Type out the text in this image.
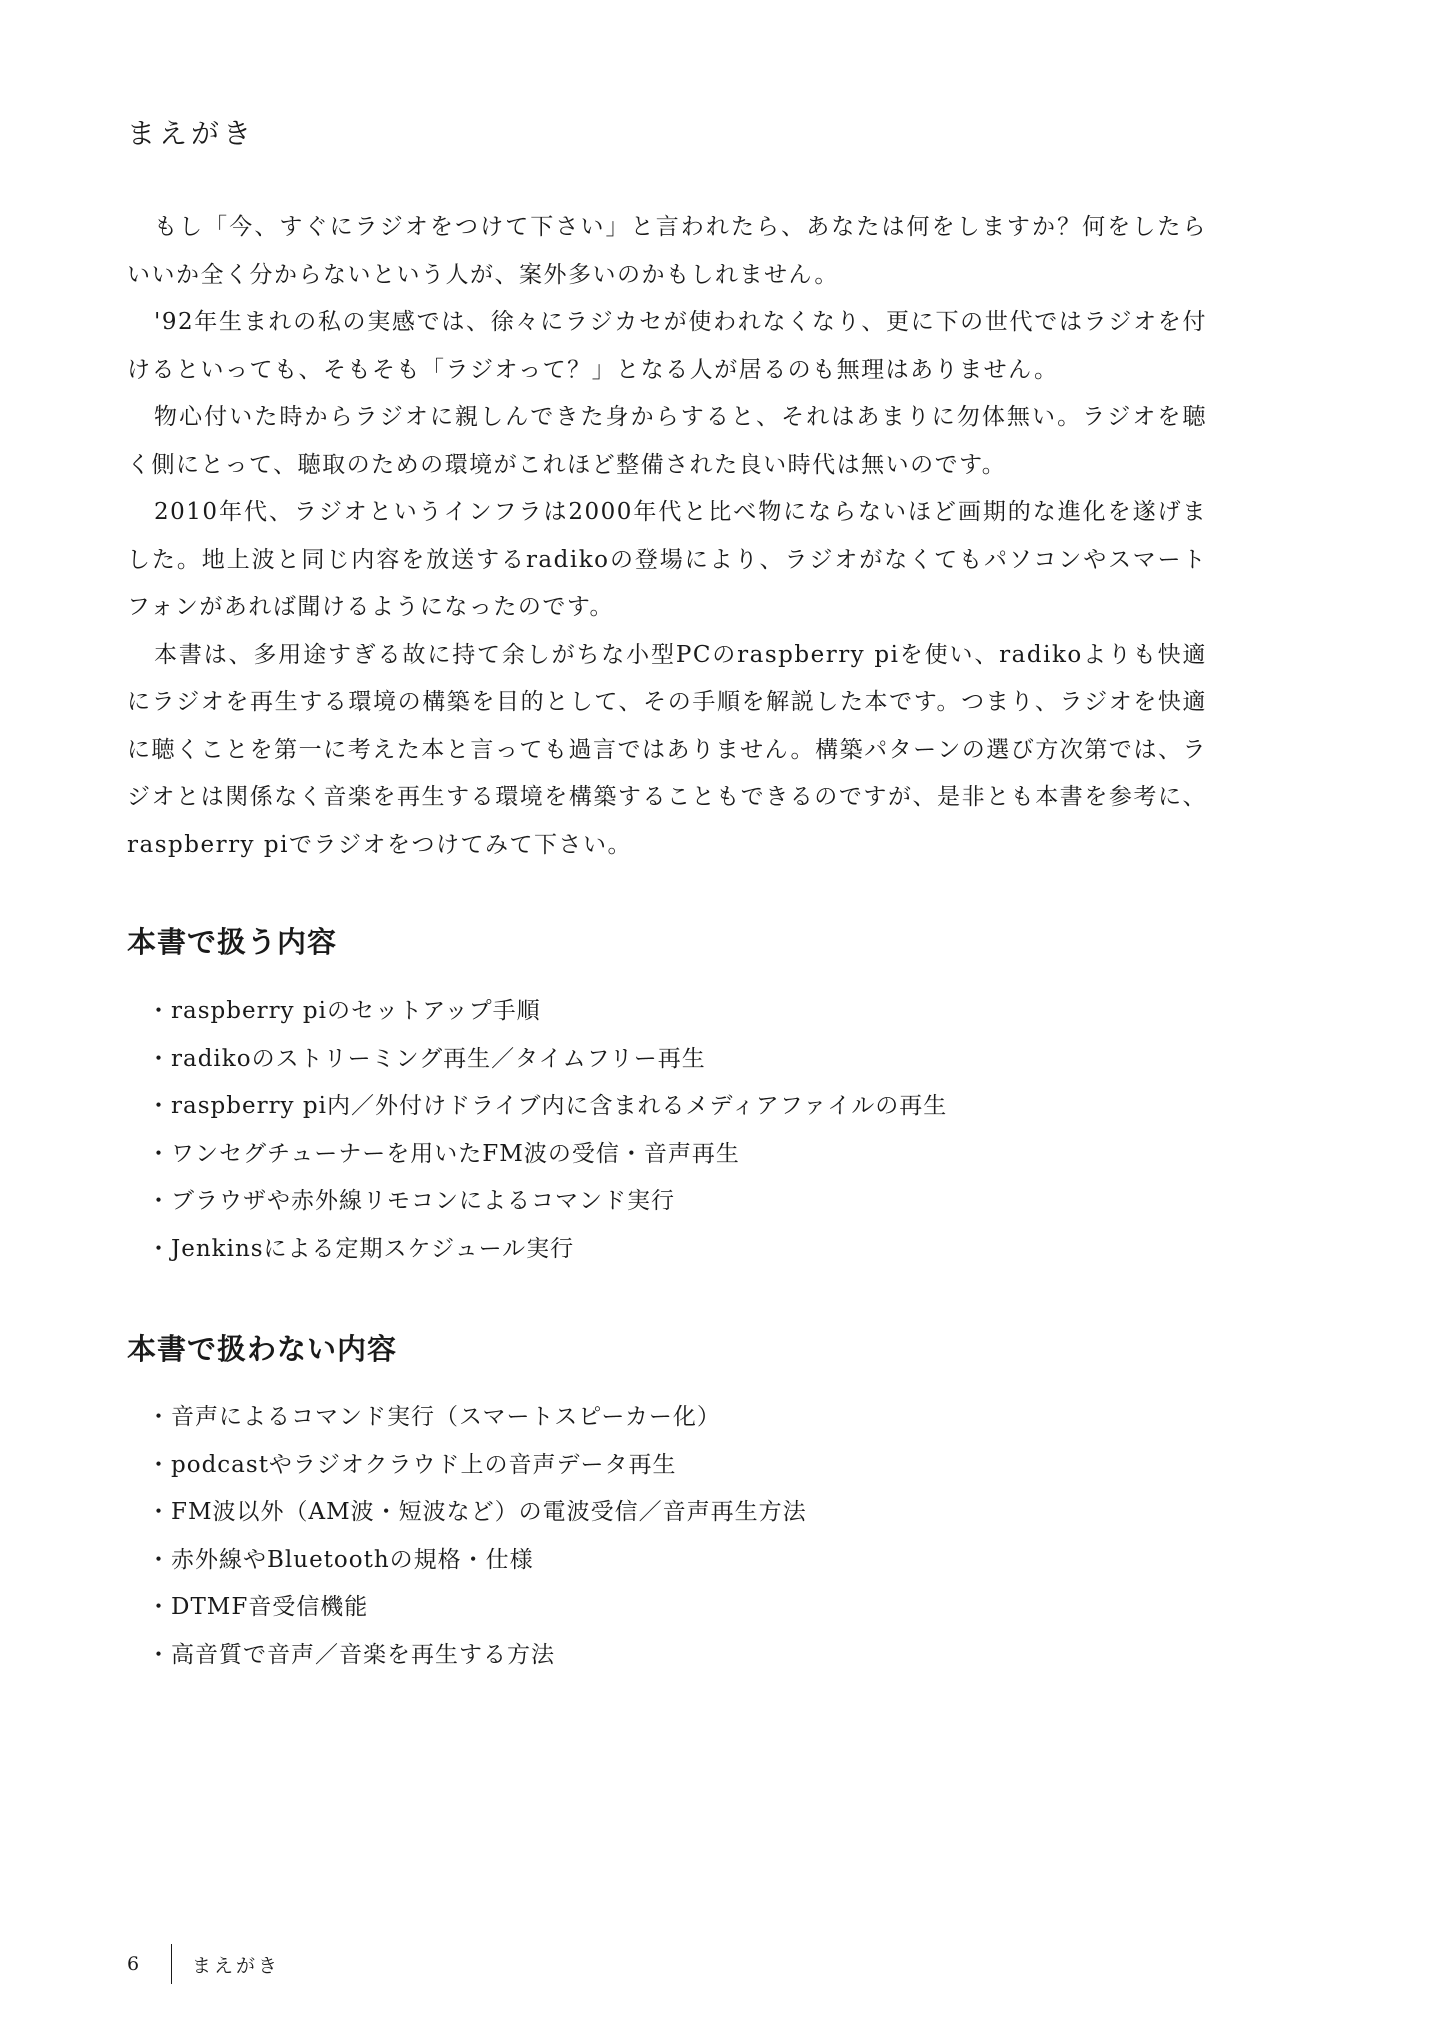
まえがき

もし「今、すぐにラジオをつけて下さい」と言われたら、あなたは何をしますか？何をしたらいいか全く分からないという人が、案外多いのかもしれません。

'92年生まれの私の実感では、徐々にラジカセが使われなくなり、更に下の世代ではラジオを付けるといっても、そもそも「ラジオって？」となる人が居るのも無理はありません。

物心付いた時からラジオに親しんできた身からすると、それはあまりに勿体無い。ラジオを聴く側にとって、聴取のための環境がこれほど整備された良い時代は無いのです。

2010年代、ラジオというインフラは2000年代と比べ物にならないほど画期的な進化を遂げました。地上波と同じ内容を放送するradikoの登場により、ラジオがなくてもパソコンやスマートフォンがあれば聞けるようになったのです。

本書は、多用途すぎる故に持て余しがちな小型PCのraspberry piを使い、radikoよりも快適にラジオを再生する環境の構築を目的として、その手順を解説した本です。つまり、ラジオを快適に聴くことを第一に考えた本と言っても過言ではありません。構築パターンの選び方次第では、ラジオとは関係なく音楽を再生する環境を構築することもできるのですが、是非とも本書を参考に、raspberry piでラジオをつけてみて下さい。

本書で扱う内容
・ raspberry piのセットアップ手順
・ radikoのストリーミング再生／タイムフリー再生
・ raspberry pi内／外付けドライブ内に含まれるメディアファイルの再生
・ ワンセグチューナーを用いたFM波の受信・音声再生
・ ブラウザや赤外線リモコンによるコマンド実行
・ Jenkinsによる定期スケジュール実行
本書で扱わない内容
・ 音声によるコマンド実行（スマートスピーカー化）
・ podcastやラジオクラウド上の音声データ再生
・ FM波以外（AM波・短波など）の電波受信／音声再生方法
・ 赤外線やBluetoothの規格・仕様
・ DTMF音受信機能
・ 高音質で音声／音楽を再生する方法
6	まえがき
